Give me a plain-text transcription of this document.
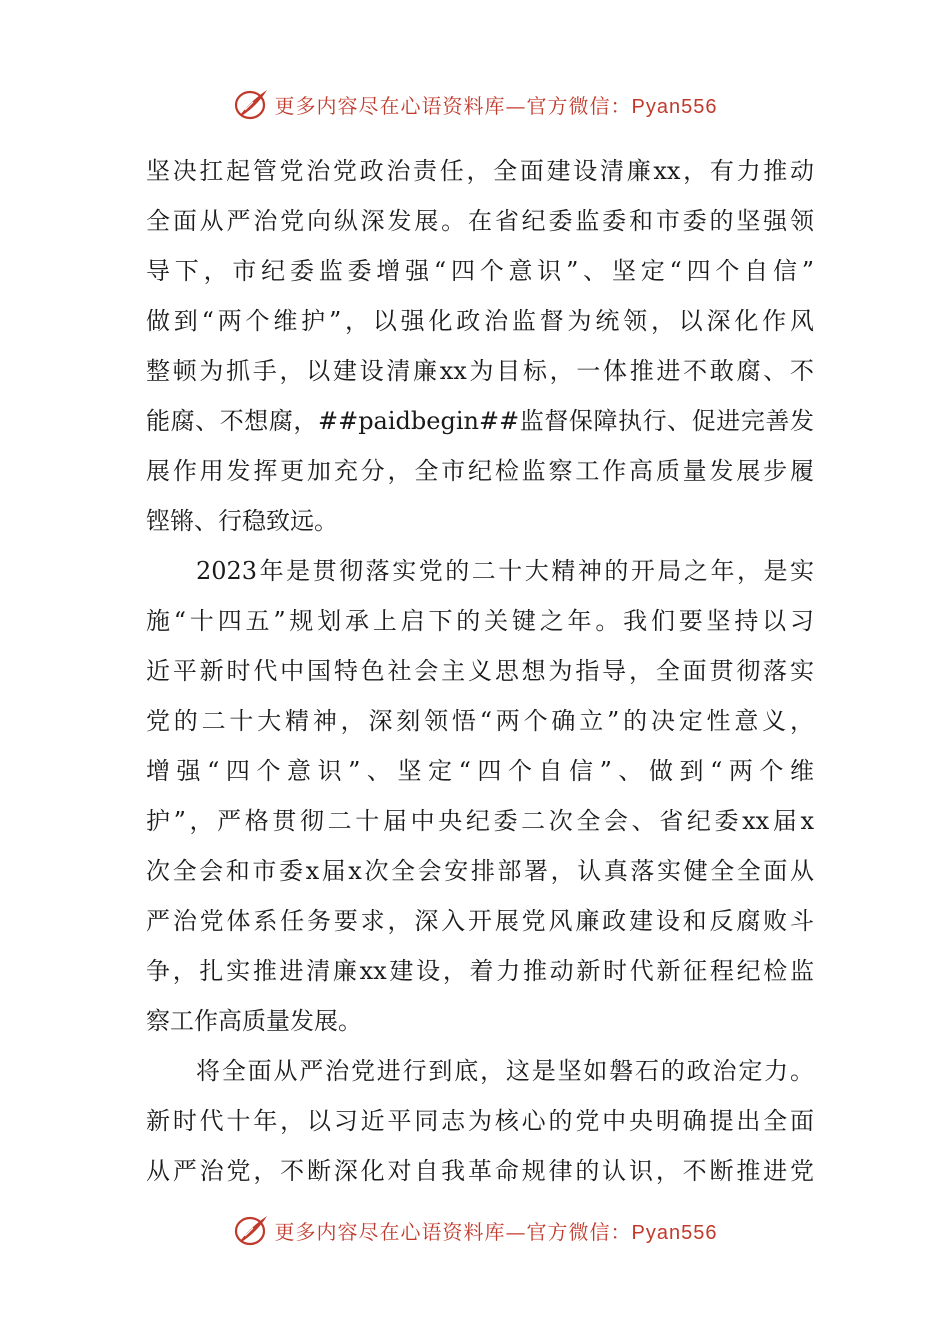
更多内容尽在心语资料库—官方微信：Pyan556
坚决扛起管党治党政治责任，全面建设清廉xx，有力推动
全面从严治党向纵深发展。在省纪委监委和市委的坚强领
导下，市纪委监委增强“四个意识”、坚定“四个自信”
做到“两个维护”，以强化政治监督为统领，以深化作风
整顿为抓手，以建设清廉xx为目标，一体推进不敢腐、不
能腐、不想腐，##paidbegin##监督保障执行、促进完善发
展作用发挥更加充分，全市纪检监察工作高质量发展步履
铿锵、行稳致远。
2023年是贯彻落实党的二十大精神的开局之年，是实
施“十四五”规划承上启下的关键之年。我们要坚持以习
近平新时代中国特色社会主义思想为指导，全面贯彻落实
党的二十大精神，深刻领悟“两个确立”的决定性意义，
增强“四个意识”、坚定“四个自信”、做到“两个维
护”，严格贯彻二十届中央纪委二次全会、省纪委xx届x
次全会和市委x届x次全会安排部署，认真落实健全全面从
严治党体系任务要求，深入开展党风廉政建设和反腐败斗
争，扎实推进清廉xx建设，着力推动新时代新征程纪检监
察工作高质量发展。
将全面从严治党进行到底，这是坚如磐石的政治定力。
新时代十年，以习近平同志为核心的党中央明确提出全面
从严治党，不断深化对自我革命规律的认识，不断推进党
更多内容尽在心语资料库—官方微信：Pyan556
